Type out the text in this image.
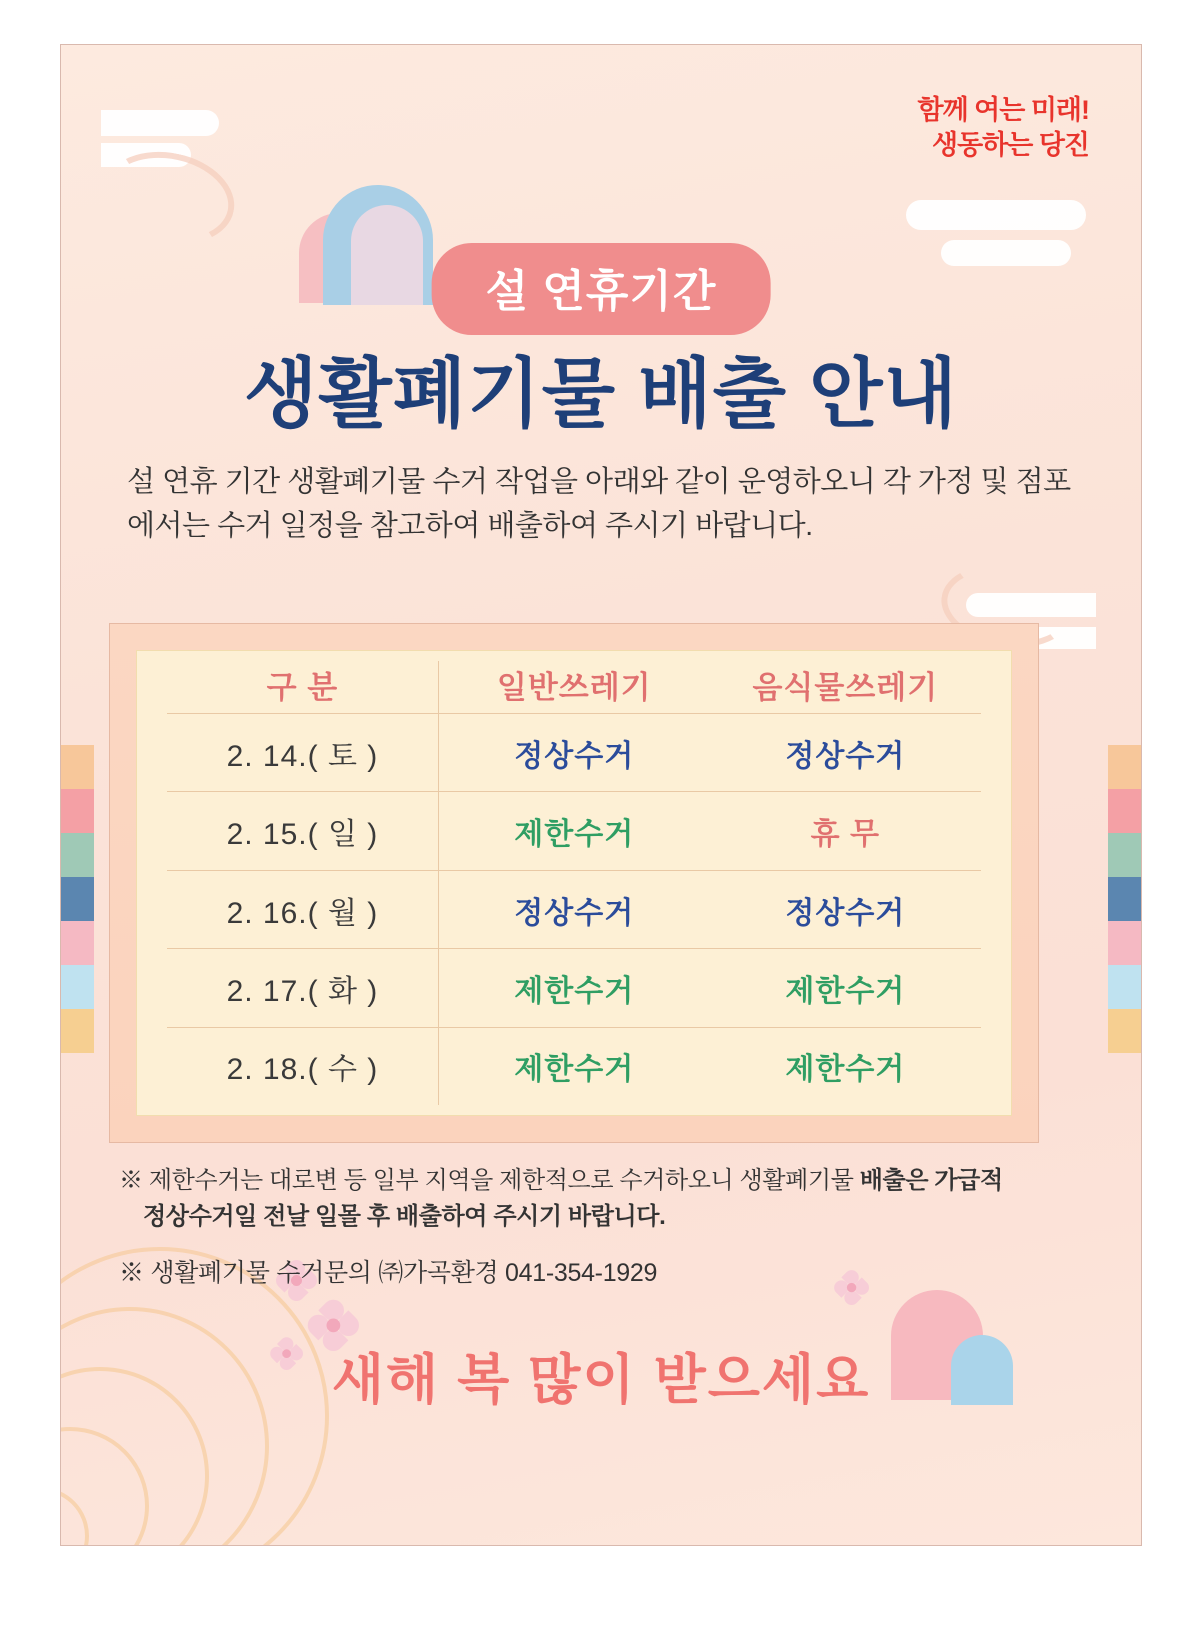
함께 여는 미래!
생동하는 당진
설 연휴기간
생활폐기물 배출 안내
설 연휴 기간 생활폐기물 수거 작업을 아래와 같이 운영하오니 각 가정 및 점포에서는 수거 일정을 참고하여 배출하여 주시기 바랍니다.
구 분	일반쓰레기	음식물쓰레기
2. 14.( 토 )	정상수거	정상수거
2. 15.( 일 )	제한수거	휴 무
2. 16.( 월 )	정상수거	정상수거
2. 17.( 화 )	제한수거	제한수거
2. 18.( 수 )	제한수거	제한수거
※ 제한수거는 대로변 등 일부 지역을 제한적으로 수거하오니 생활폐기물 배출은 가급적
정상수거일 전날 일몰 후 배출하여 주시기 바랍니다.
※ 생활폐기물 수거문의 ㈜가곡환경 041-354-1929
새해 복 많이 받으세요
